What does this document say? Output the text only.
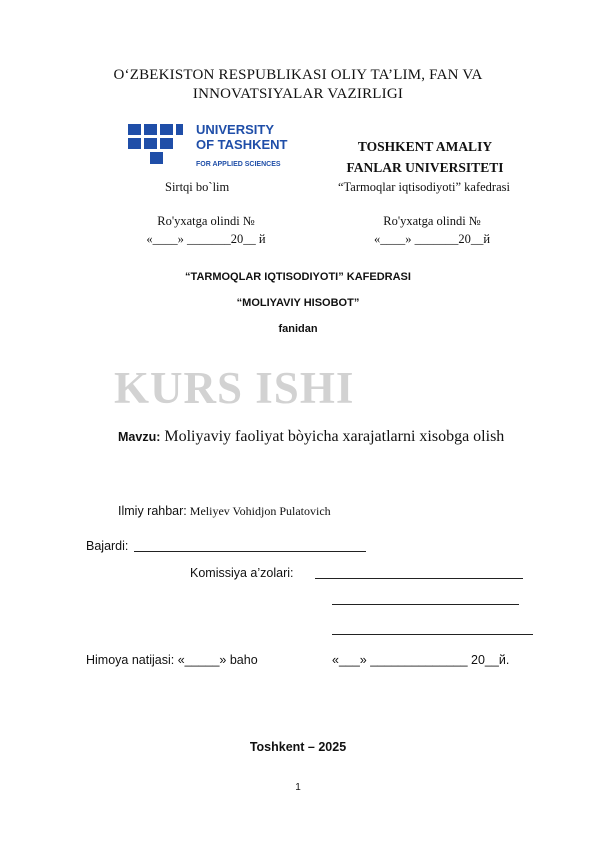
O‘ZBEKISTON RESPUBLIKASI OLIY TA’LIM, FAN VA
INNOVATSIYALAR VAZIRLIGI
UNIVERSITY
OF TASHKENT
FOR APPLIED SCIENCES
TOSHKENT AMALIY
FANLAR UNIVERSITETI
Sirtqi bo`lim	“Tarmoqlar iqtisodiyoti” kafedrasi
Ro'yxatga olindi №
«____» _______20__ й
Ro'yxatga olindi №
«____» _______20__й
“TARMOQLAR IQTISODIYOTI” KAFEDRASI
“MOLIYAVIY HISOBOT”
fanidan
KURS ISHI
Mavzu: Moliyaviy faoliyat bòyicha xarajatlarni xisobga olish
Ilmiy rahbar: Meliyev Vohidjon Pulatovich
Bajardi:
Komissiya a’zolari:
Himoya natijasi: «_____» baho	«___» ______________ 20__й.
Toshkent – 2025
1
